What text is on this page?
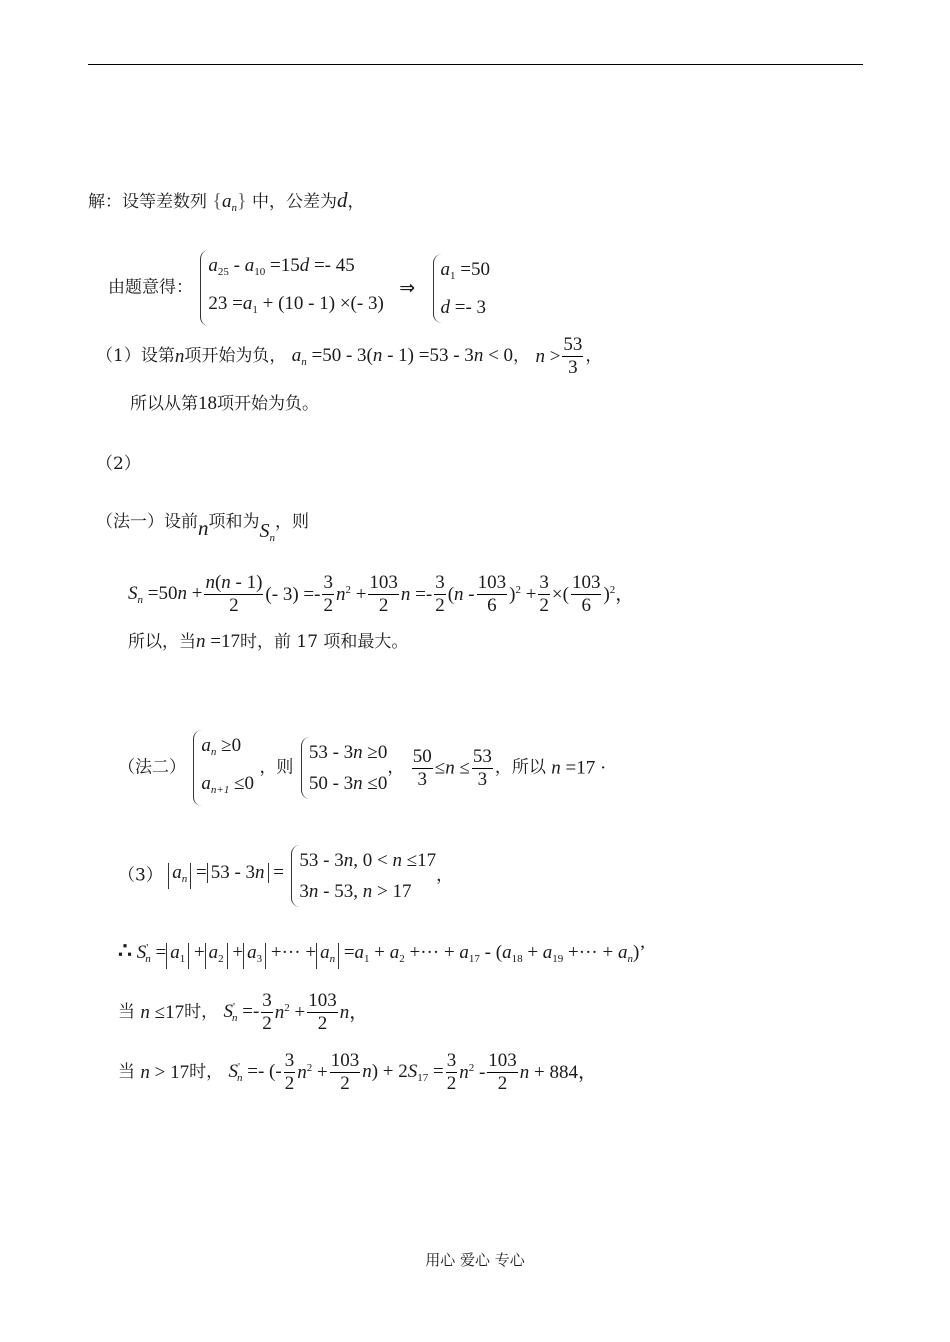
解：设等差数列 $\{a_n\}$ 中，公差为d，
由题意得：
$a_{25} - a_{10} =15d =- 45$
$23 =a_1 + (10 - 1)$ ×(- 3)
⇒
$a_1 =50$
d =- 3
（1）设第n项开始为负， $a_n =50 - 3(n - 1) =53 - 3n < 0$， $n > \frac{53}{3}$ ，
所以从第18项开始为负。
（2）
（法一）设前n项和为$S_n$，则
$S_n =50n + \frac{n(n - 1)}{2}$ (- $3) =- \frac{3}{2} n^2 + \frac{103}{2}$ $n =- \frac{3}{2} (n - \frac{103}{6} )^2 + \frac{3}{2}$ ×( $\frac{103}{6} )^2$，
所以，当n =17时，前 17 项和最大。
（法二）
$a_n \ge 0$
$a_{n+1} \le 0$
，则
53 - 3n ≥0
50 - 3n ≤0
， $\frac{50}{3} \le n \le \frac{53}{3}$ ，所以 n =17 ·
（3） $a_n = 53 - 3n$ =
53 - 3n, 0 < n ≤17
3n - 53, n > 17
，
∴ $S'_n = a_1 + a_2 + a_3$ +··· + $a_n =a_1 + a_2$ +··· + $a_{17} - (a_{18} + a_{19}$ +··· + $a_n$)’
当 n ≤17时， $S'_n =- \frac{3}{2} n^2 + \frac{103}{2}$ n，
当 n > 17时， $S'_n$ =- (- $\frac{3}{2} n^2 + \frac{103}{2} n) + 2S_{17} = \frac{3}{2} n^2 - \frac{103}{2}$ n + 884，
用心 爱心 专心
